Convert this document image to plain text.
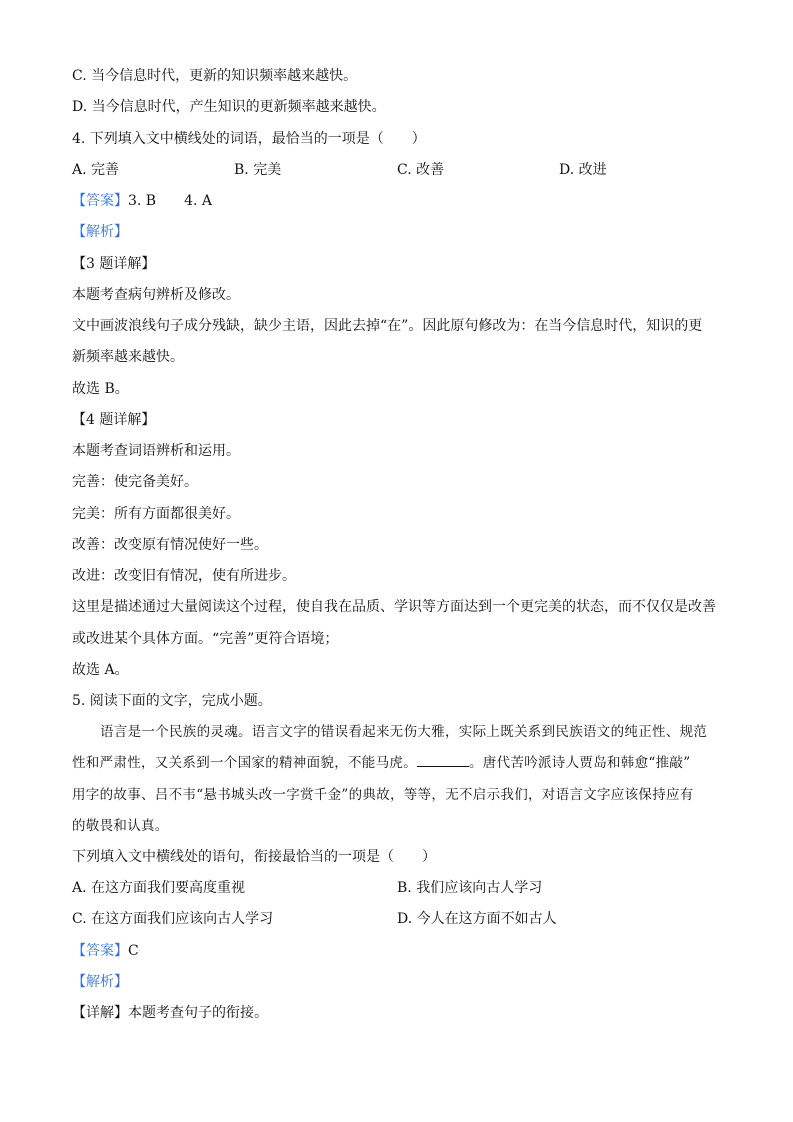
C. 当今信息时代，更新的知识频率越来越快。
D. 当今信息时代，产生知识的更新频率越来越快。
4. 下列填入文中横线处的词语，最恰当的一项是（　　）
A. 完善	B. 完美	C. 改善	D. 改进
【答案】3. B　　4. A
【解析】
【3 题详解】
本题考查病句辨析及修改。
文中画波浪线句子成分残缺，缺少主语，因此去掉“在”。因此原句修改为：在当今信息时代，知识的更
新频率越来越快。
故选 B。
【4 题详解】
本题考查词语辨析和运用。
完善：使完备美好。
完美：所有方面都很美好。
改善：改变原有情况使好一些。
改进：改变旧有情况，使有所进步。
这里是描述通过大量阅读这个过程，使自我在品质、学识等方面达到一个更完美的状态，而不仅仅是改善
或改进某个具体方面。“完善”更符合语境；
故选 A。
5. 阅读下面的文字，完成小题。
语言是一个民族的灵魂。语言文字的错误看起来无伤大雅，实际上既关系到民族语文的纯正性、规范
性和严肃性，又关系到一个国家的精神面貌，不能马虎。	。唐代苦吟派诗人贾岛和韩愈“推敲”
用字的故事、吕不韦“悬书城头改一字赏千金”的典故，等等，无不启示我们，对语言文字应该保持应有
的敬畏和认真。
下列填入文中横线处的语句，衔接最恰当的一项是（　　）
A. 在这方面我们要高度重视	B. 我们应该向古人学习
C. 在这方面我们应该向古人学习	D. 今人在这方面不如古人
【答案】C
【解析】
【详解】本题考查句子的衔接。
